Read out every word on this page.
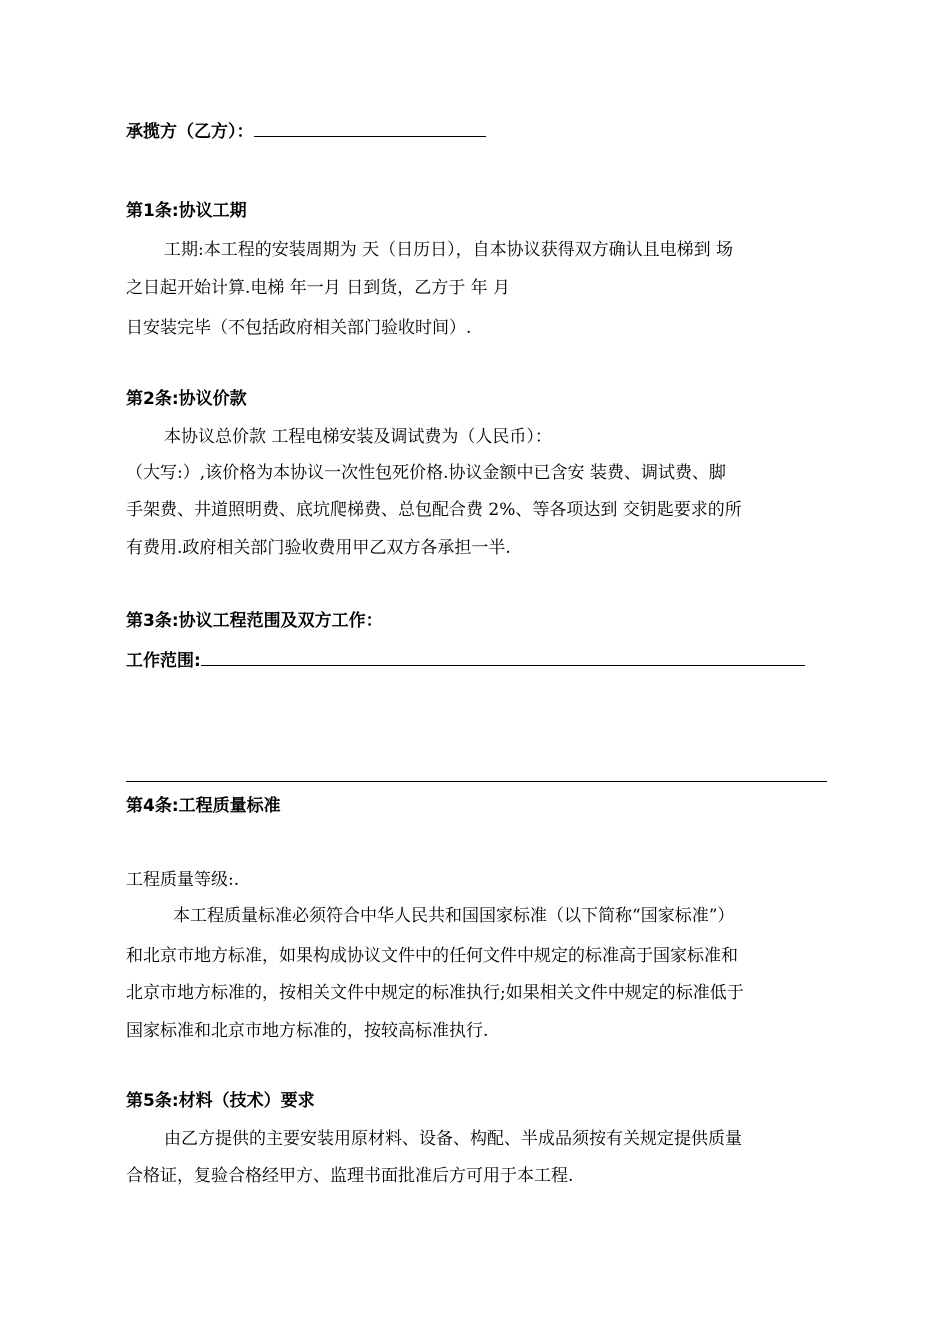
承揽方（乙方）：
第1条:协议工期
工期:本工程的安装周期为 天（日历日），自本协议获得双方确认且电梯到 场
之日起开始计算.电梯 年一月 日到货，乙方于 年 月
日安装完毕（不包括政府相关部门验收时间）.
第2条:协议价款
本协议总价款 工程电梯安装及调试费为（人民币）：
（大写:）,该价格为本协议一次性包死价格.协议金额中已含安 装费、调试费、脚
手架费、井道照明费、底坑爬梯费、总包配合费 2%、等各项达到 交钥匙要求的所
有费用.政府相关部门验收费用甲乙双方各承担一半.
第3条:协议工程范围及双方工作：
工作范围:
第4条:工程质量标准
工程质量等级:.
本工程质量标准必须符合中华人民共和国国家标准（以下简称“国家标准”）
和北京市地方标准，如果构成协议文件中的任何文件中规定的标准高于国家标准和
北京市地方标准的，按相关文件中规定的标准执行;如果相关文件中规定的标准低于
国家标准和北京市地方标准的，按较高标准执行.
第5条:材料（技术）要求
由乙方提供的主要安装用原材料、设备、构配、半成品须按有关规定提供质量
合格证，复验合格经甲方、监理书面批准后方可用于本工程.
